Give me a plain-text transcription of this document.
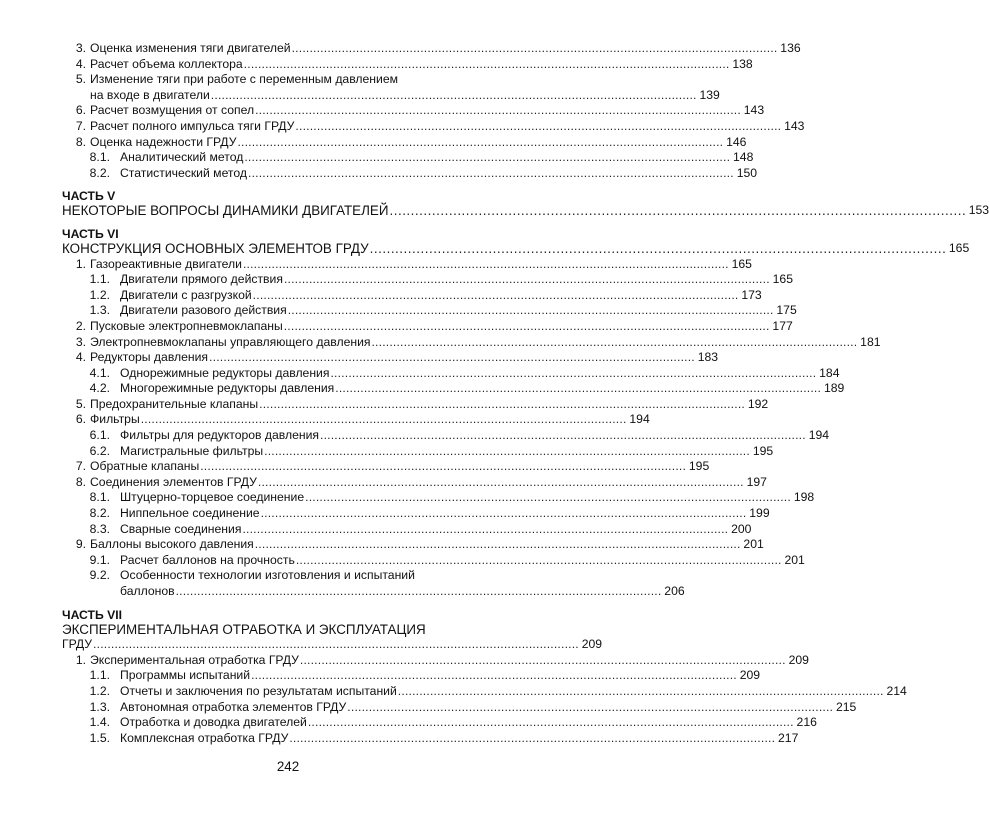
3. Оценка изменения тяги двигателей . . .	136
4. Расчет объема коллектора . . .	138
5. Изменение тяги при работе с переменным давлением
на входе в двигатели . . .	139
6. Расчет возмущения от сопел . . .	143
7. Расчет полного импульса тяги ГРДУ . . .	143
8. Оценка надежности ГРДУ . . .	146
8.1. Аналитический метод . . .	148
8.2. Статистический метод . . .	150
ЧАСТЬ V
НЕКОТОРЫЕ ВОПРОСЫ ДИНАМИКИ ДВИГАТЕЛЕЙ . . .	153
ЧАСТЬ VI
КОНСТРУКЦИЯ ОСНОВНЫХ ЭЛЕМЕНТОВ ГРДУ . . .	165
1. Газореактивные двигатели . . .	165
1.1. Двигатели прямого действия . . .	165
1.2. Двигатели с разгрузкой . . .	173
1.3. Двигатели разового действия . . .	175
2. Пусковые электропневмоклапаны . . .	177
3. Электропневмоклапаны управляющего давления . . .	181
4. Редукторы давления . . .	183
4.1. Однорежимные редукторы давления . . .	184
4.2. Многорежимные редукторы давления . . .	189
5. Предохранительные клапаны . . .	192
6. Фильтры . . .	194
6.1. Фильтры для редукторов давления . . .	194
6.2. Магистральные фильтры . . .	195
7. Обратные клапаны . . .	195
8. Соединения элементов ГРДУ . . .	197
8.1. Штуцерно-торцевое соединение . . .	198
8.2. Ниппельное соединение . . .	199
8.3. Сварные соединения . . .	200
9. Баллоны высокого давления . . .	201
9.1. Расчет баллонов на прочность . . .	201
9.2. Особенности технологии изготовления и испытаний
баллонов . . .	206
ЧАСТЬ VII
ЭКСПЕРИМЕНТАЛЬНАЯ ОТРАБОТКА И ЭКСПЛУАТАЦИЯ
ГРДУ . . .	209
1. Экспериментальная отработка ГРДУ . . .	209
1.1. Программы испытаний . . .	209
1.2. Отчеты и заключения по результатам испытаний . . .	214
1.3. Автономная отработка элементов ГРДУ . . .	215
1.4. Отработка и доводка двигателей . . .	216
1.5. Комплексная отработка ГРДУ . . .	217
242
